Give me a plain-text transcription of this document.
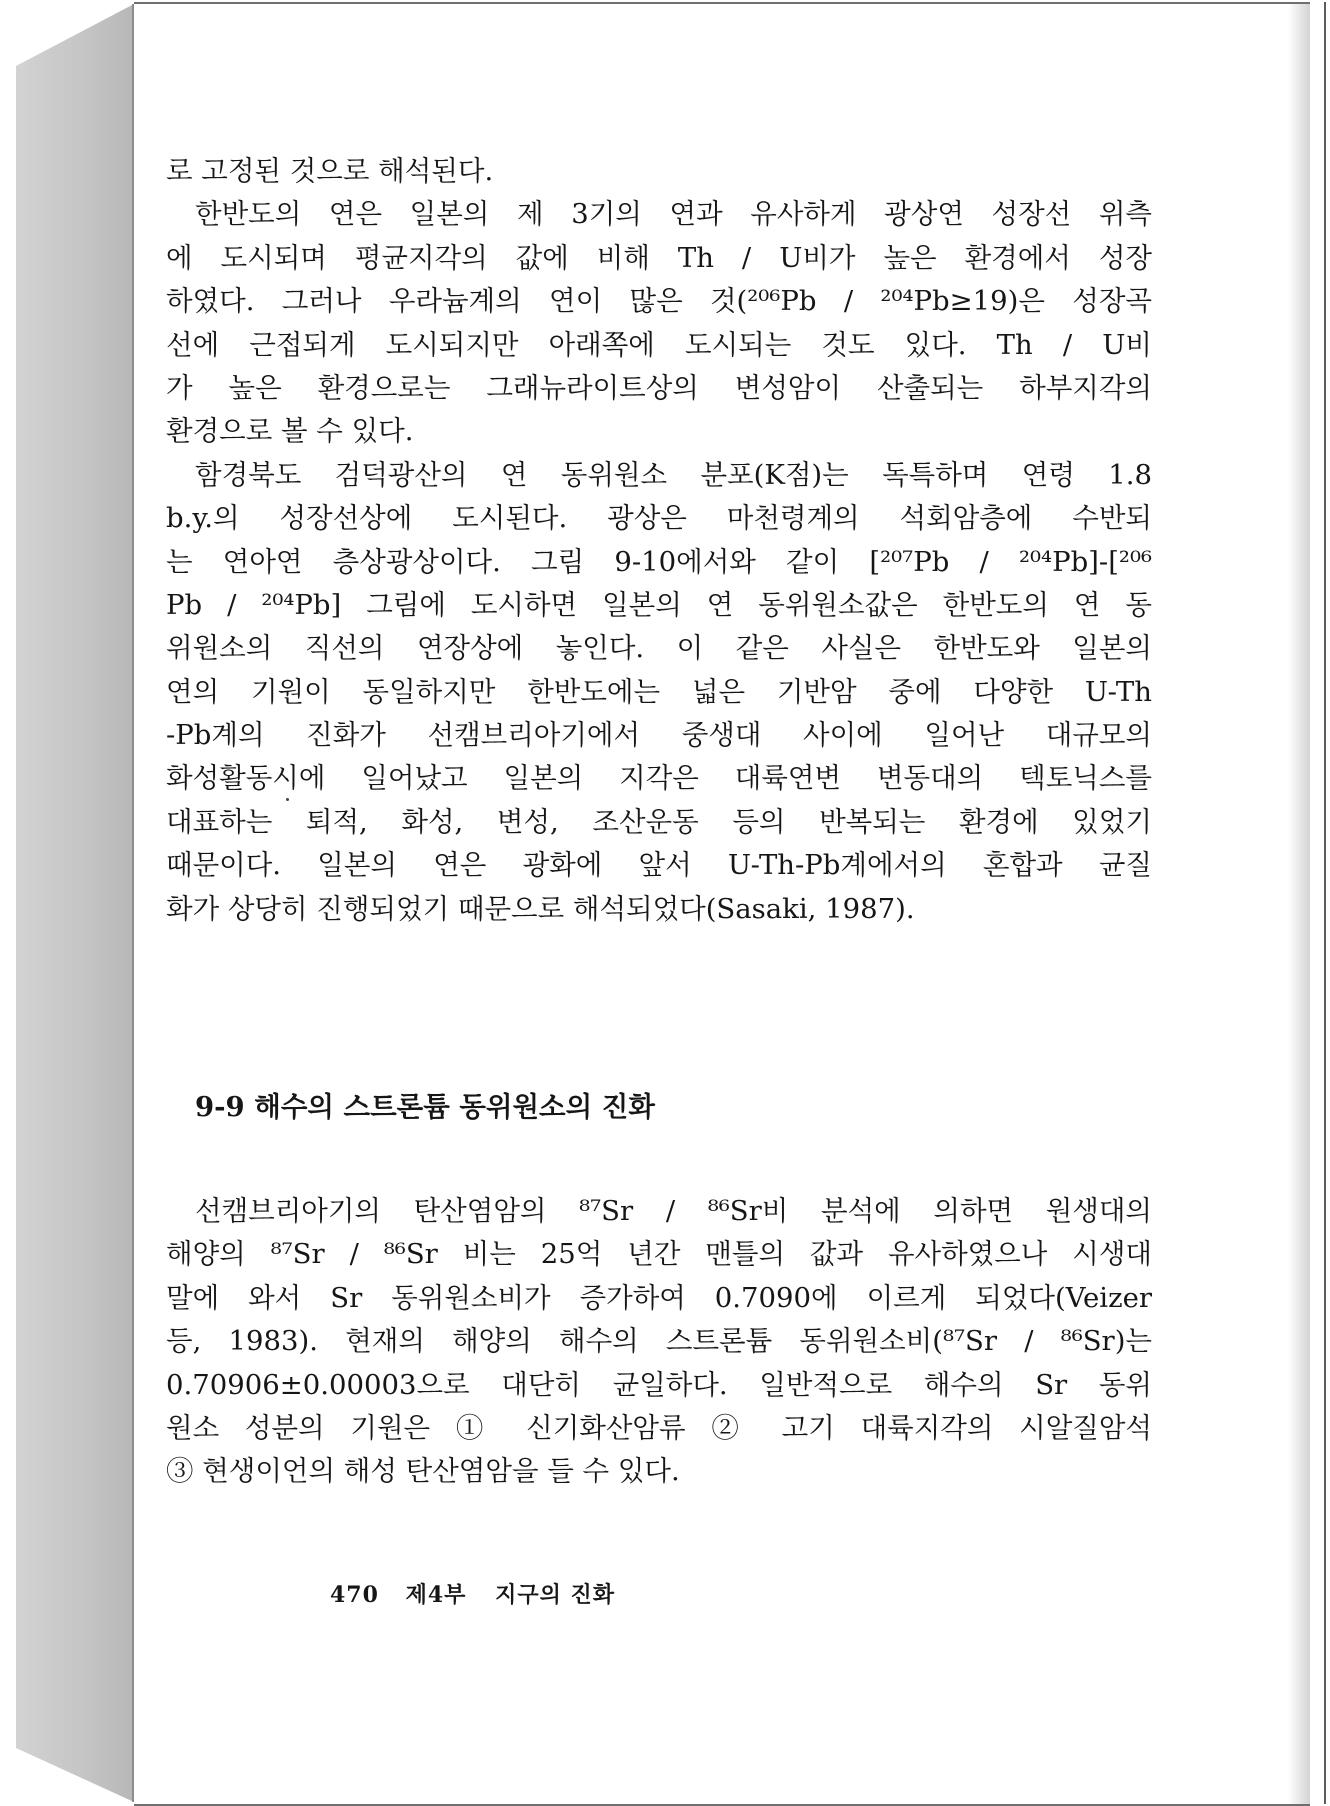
로 고정된 것으로 해석된다.

한반도의 연은 일본의 제 3기의 연과 유사하게 광상연 성장선 위측
에 도시되며 평균지각의 값에 비해 Th / U비가 높은 환경에서 성장
하였다. 그러나 우라늄계의 연이 많은 것(²⁰⁶Pb / ²⁰⁴Pb≥19)은 성장곡
선에 근접되게 도시되지만 아래쪽에 도시되는 것도 있다. Th / U비
가 높은 환경으로는 그래뉴라이트상의 변성암이 산출되는 하부지각의
환경으로 볼 수 있다.

함경북도 검덕광산의 연 동위원소 분포(K점)는 독특하며 연령 1.8
b.y.의 성장선상에 도시된다. 광상은 마천령계의 석회암층에 수반되
는 연아연 층상광상이다. 그림 9-10에서와 같이 [²⁰⁷Pb / ²⁰⁴Pb]-[²⁰⁶
Pb / ²⁰⁴Pb] 그림에 도시하면 일본의 연 동위원소값은 한반도의 연 동
위원소의 직선의 연장상에 놓인다. 이 같은 사실은 한반도와 일본의
연의 기원이 동일하지만 한반도에는 넓은 기반암 중에 다양한 U-Th
-Pb계의 진화가 선캠브리아기에서 중생대 사이에 일어난 대규모의
화성활동시에 일어났고 일본의 지각은 대륙연변 변동대의 텍토닉스를
대표하는 퇴적, 화성, 변성, 조산운동 등의 반복되는 환경에 있었기
때문이다. 일본의 연은 광화에 앞서 U-Th-Pb계에서의 혼합과 균질
화가 상당히 진행되었기 때문으로 해석되었다(Sasaki, 1987).

9-9 해수의 스트론튬 동위원소의 진화

선캠브리아기의 탄산염암의 ⁸⁷Sr / ⁸⁶Sr비 분석에 의하면 원생대의
해양의 ⁸⁷Sr / ⁸⁶Sr 비는 25억 년간 맨틀의 값과 유사하였으나 시생대
말에 와서 Sr 동위원소비가 증가하여 0.7090에 이르게 되었다(Veizer
등, 1983). 현재의 해양의 해수의 스트론튬 동위원소비(⁸⁷Sr / ⁸⁶Sr)는
0.70906±0.00003으로 대단히 균일하다. 일반적으로 해수의 Sr 동위
원소 성분의 기원은 ① 신기화산암류 ② 고기 대륙지각의 시알질암석
③ 현생이언의 해성 탄산염암을 들 수 있다.

470 제4부 지구의 진화
